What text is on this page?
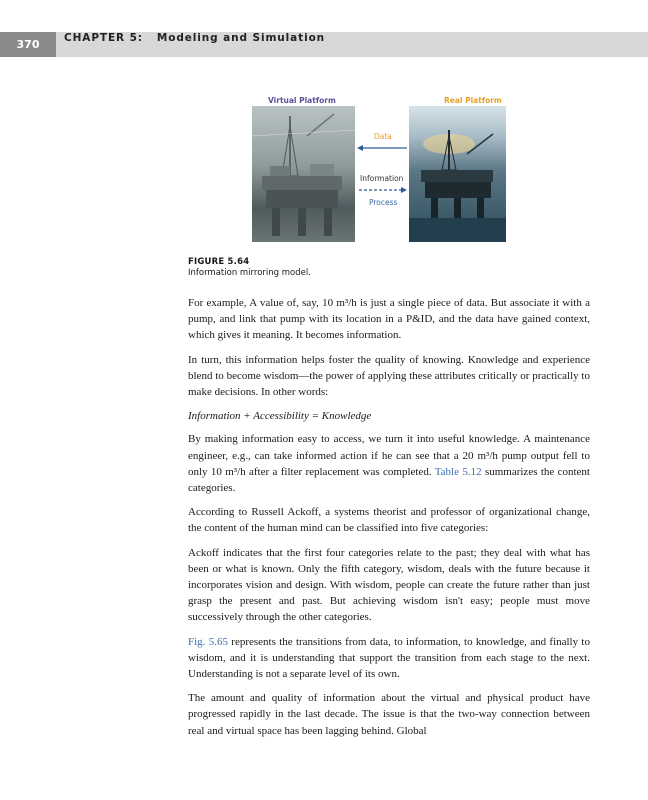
370	CHAPTER 5: Modeling and Simulation
Virtual Platform	Real Platform
Data
Information
Process
FIGURE 5.64
Information mirroring model.

For example, A value of, say, 10 m³/h is just a single piece of data. But associate it with a pump, and link that pump with its location in a P&ID, and the data have gained context, which gives it meaning. It becomes information.

In turn, this information helps foster the quality of knowing. Knowledge and experience blend to become wisdom—the power of applying these attributes critically or practically to make decisions. In other words:

Information + Accessibility = Knowledge

By making information easy to access, we turn it into useful knowledge. A maintenance engineer, e.g., can take informed action if he can see that a 20 m³/h pump output fell to only 10 m³/h after a filter replacement was completed. Table 5.12 summarizes the content categories.

According to Russell Ackoff, a systems theorist and professor of organizational change, the content of the human mind can be classified into five categories:

Ackoff indicates that the first four categories relate to the past; they deal with what has been or what is known. Only the fifth category, wisdom, deals with the future because it incorporates vision and design. With wisdom, people can create the future rather than just grasp the present and past. But achieving wisdom isn't easy; people must move successively through the other categories.

Fig. 5.65 represents the transitions from data, to information, to knowledge, and finally to wisdom, and it is understanding that support the transition from each stage to the next. Understanding is not a separate level of its own.

The amount and quality of information about the virtual and physical product have progressed rapidly in the last decade. The issue is that the two-way connection between real and virtual space has been lagging behind. Global
